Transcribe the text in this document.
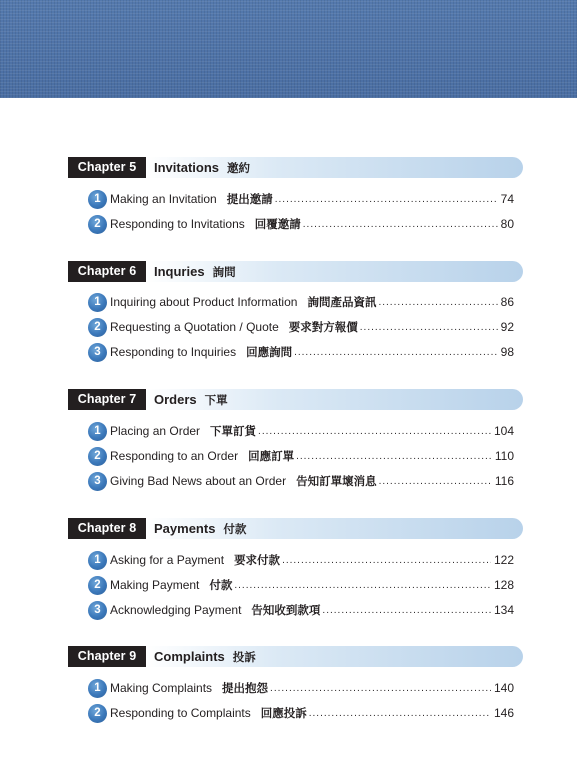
Chapter 5	Invitations 邀約
1 Making an Invitation 提出邀請 .....	74
2 Responding to Invitations 回覆邀請 .....	80
Chapter 6	Inquries 詢問
1 Inquiring about Product Information 詢問產品資訊 .....	86
2 Requesting a Quotation / Quote 要求對方報價 .....	92
3 Responding to Inquiries 回應詢問 .....	98
Chapter 7	Orders 下單
1 Placing an Order 下單訂貨 .....	104
2 Responding to an Order 回應訂單 .....	110
3 Giving Bad News about an Order 告知訂單壞消息 .....	116
Chapter 8	Payments 付款
1 Asking for a Payment 要求付款 .....	122
2 Making Payment 付款 .....	128
3 Acknowledging Payment 告知收到款項 .....	134
Chapter 9	Complaints 投訴
1 Making Complaints 提出抱怨 .....	140
2 Responding to Complaints 回應投訴 .....	146
